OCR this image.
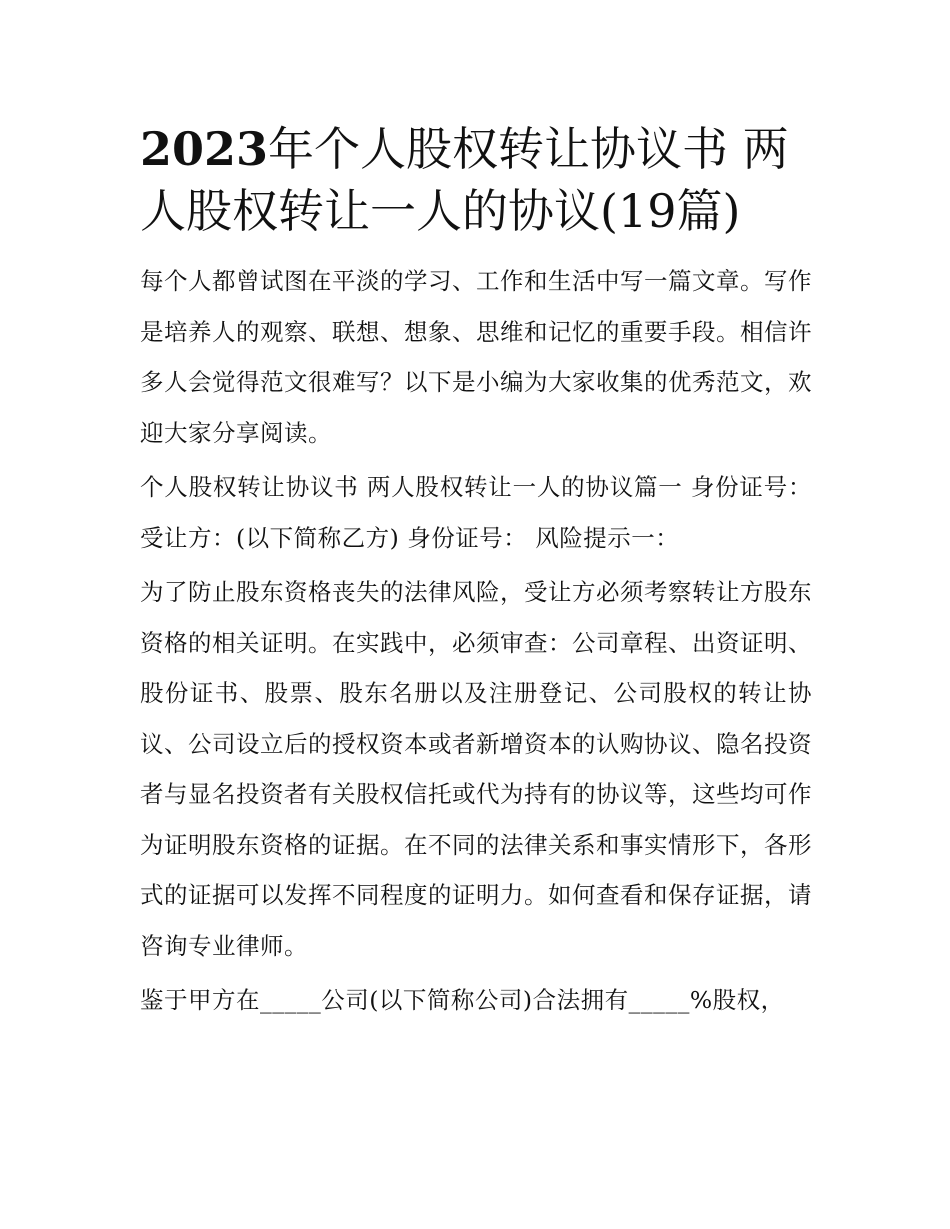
2023年个人股权转让协议书 两人股权转让一人的协议(19篇)

每个人都曾试图在平淡的学习、工作和生活中写一篇文章。写作是培养人的观察、联想、想象、思维和记忆的重要手段。相信许多人会觉得范文很难写？以下是小编为大家收集的优秀范文，欢迎大家分享阅读。

个人股权转让协议书 两人股权转让一人的协议篇一 身份证号： 受让方：(以下简称乙方) 身份证号： 风险提示一：

为了防止股东资格丧失的法律风险，受让方必须考察转让方股东资格的相关证明。在实践中，必须审查：公司章程、出资证明、股份证书、股票、股东名册以及注册登记、公司股权的转让协议、公司设立后的授权资本或者新增资本的认购协议、隐名投资者与显名投资者有关股权信托或代为持有的协议等，这些均可作为证明股东资格的证据。在不同的法律关系和事实情形下，各形式的证据可以发挥不同程度的证明力。如何查看和保存证据，请咨询专业律师。

鉴于甲方在_____公司(以下简称公司)合法拥有_____%股权，
